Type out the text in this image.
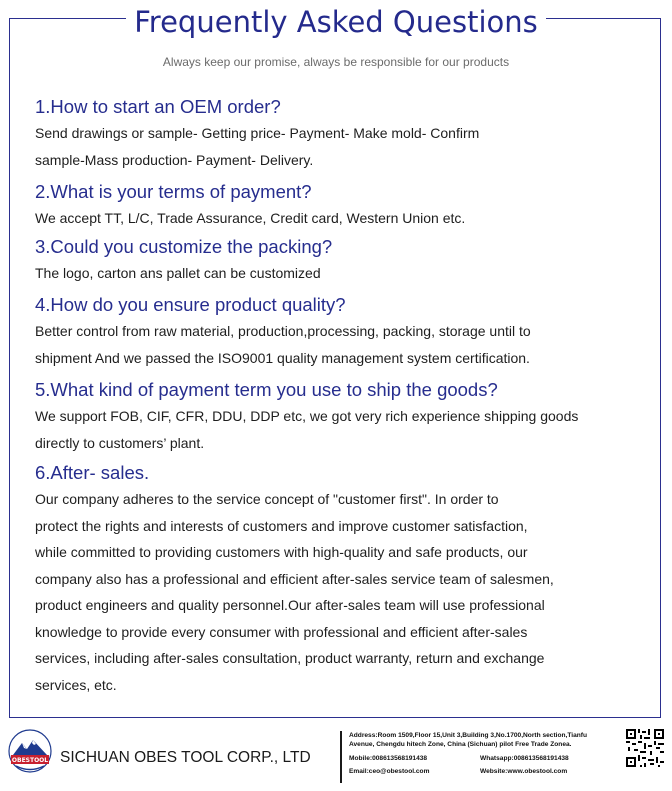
Frequently Asked Questions
Always keep our promise, always be responsible for our products

1.How to start an OEM order?

Send drawings or sample- Getting price- Payment- Make mold- Confirm

sample-Mass production- Payment- Delivery.

2.What is your terms of payment?

We accept TT, L/C, Trade Assurance, Credit card, Western Union etc.

3.Could you customize the packing?

The logo, carton ans pallet can be customized

4.How do you ensure product quality?

Better control from raw material, production,processing, packing, storage until to

shipment And we passed the ISO9001 quality management system certification.

5.What kind of payment term you use to ship the goods?

We support FOB, CIF, CFR, DDU, DDP etc, we got very rich experience shipping goods

directly to customers’ plant.

6.After- sales.

Our company adheres to the service concept of "customer first". In order to

protect the rights and interests of customers and improve customer satisfaction,

while committed to providing customers with high-quality and safe products, our

company also has a professional and efficient after-sales service team of salesmen,

product engineers and quality personnel.Our after-sales team will use professional

knowledge to provide every consumer with professional and efficient after-sales

services, including after-sales consultation, product warranty, return and exchange

services, etc.

OBESTOOL SICHUAN OBES TOOL CORP., LTD
Address:Room 1509,Floor 15,Unit 3,Building 3,No.1700,North section,Tianfu
Avenue, Chengdu hitech Zone, China (Sichuan) pilot Free Trade Zonea.
Mobile:008613568191438	Whatsapp:008613568191438
Email:ceo@obestool.com	Website:www.obestool.com
